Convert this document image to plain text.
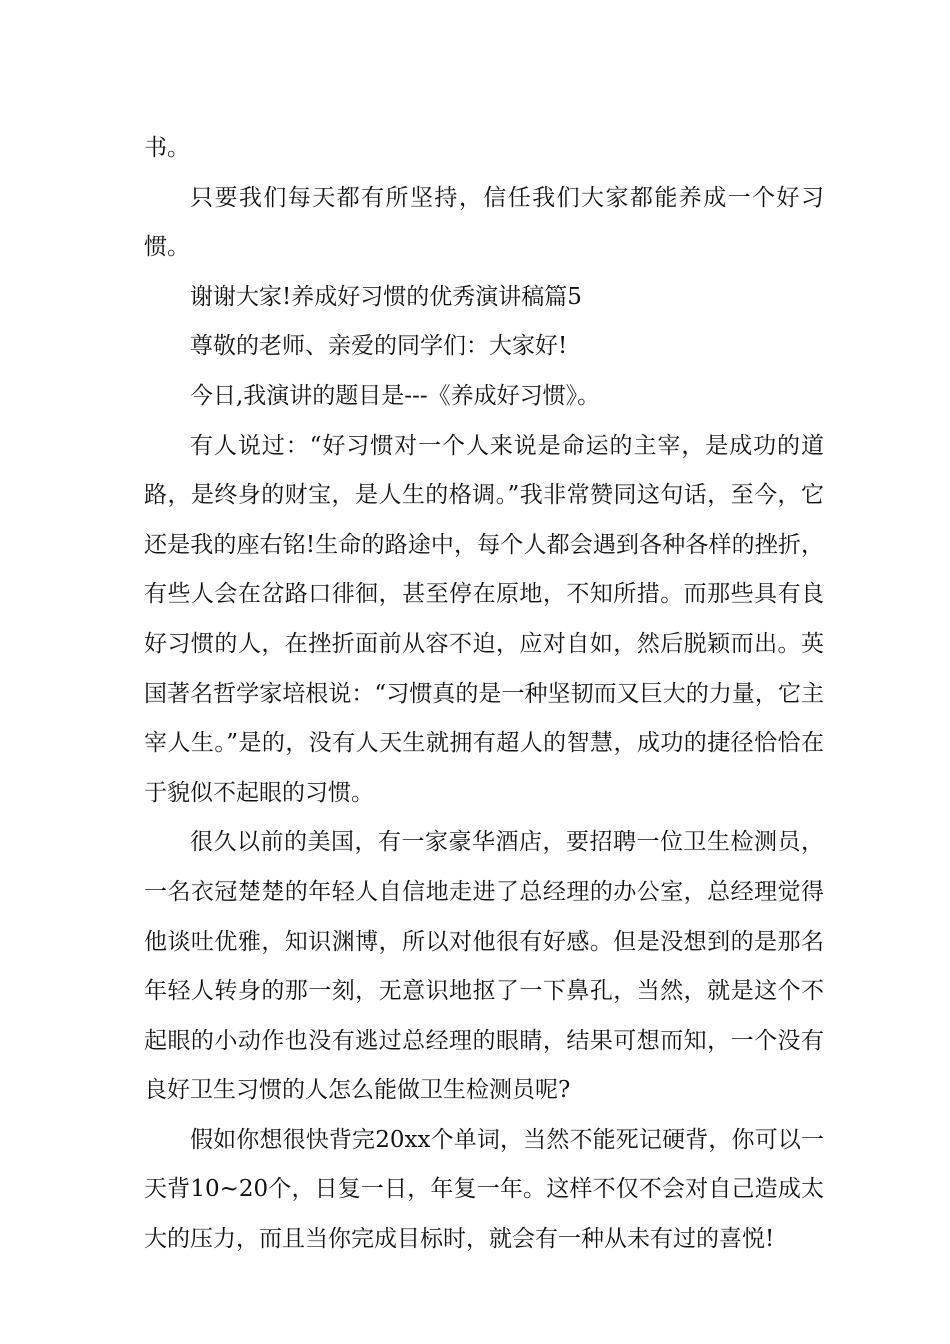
书。

只要我们每天都有所坚持，信任我们大家都能养成一个好习惯。

谢谢大家!养成好习惯的优秀演讲稿篇5

尊敬的老师、亲爱的同学们：大家好!

今日,我演讲的题目是---《养成好习惯》。

有人说过：“好习惯对一个人来说是命运的主宰，是成功的道路，是终身的财宝，是人生的格调。”我非常赞同这句话，至今，它还是我的座右铭!生命的路途中，每个人都会遇到各种各样的挫折，有些人会在岔路口徘徊，甚至停在原地，不知所措。而那些具有良好习惯的人，在挫折面前从容不迫，应对自如，然后脱颖而出。英国著名哲学家培根说：“习惯真的是一种坚韧而又巨大的力量，它主宰人生。”是的，没有人天生就拥有超人的智慧，成功的捷径恰恰在于貌似不起眼的习惯。

很久以前的美国，有一家豪华酒店，要招聘一位卫生检测员，一名衣冠楚楚的年轻人自信地走进了总经理的办公室，总经理觉得他谈吐优雅，知识渊博，所以对他很有好感。但是没想到的是那名年轻人转身的那一刻，无意识地抠了一下鼻孔，当然，就是这个不起眼的小动作也没有逃过总经理的眼睛，结果可想而知，一个没有良好卫生习惯的人怎么能做卫生检测员呢?

假如你想很快背完20xx个单词，当然不能死记硬背，你可以一天背10~20个，日复一日，年复一年。这样不仅不会对自己造成太大的压力，而且当你完成目标时，就会有一种从未有过的喜悦!
